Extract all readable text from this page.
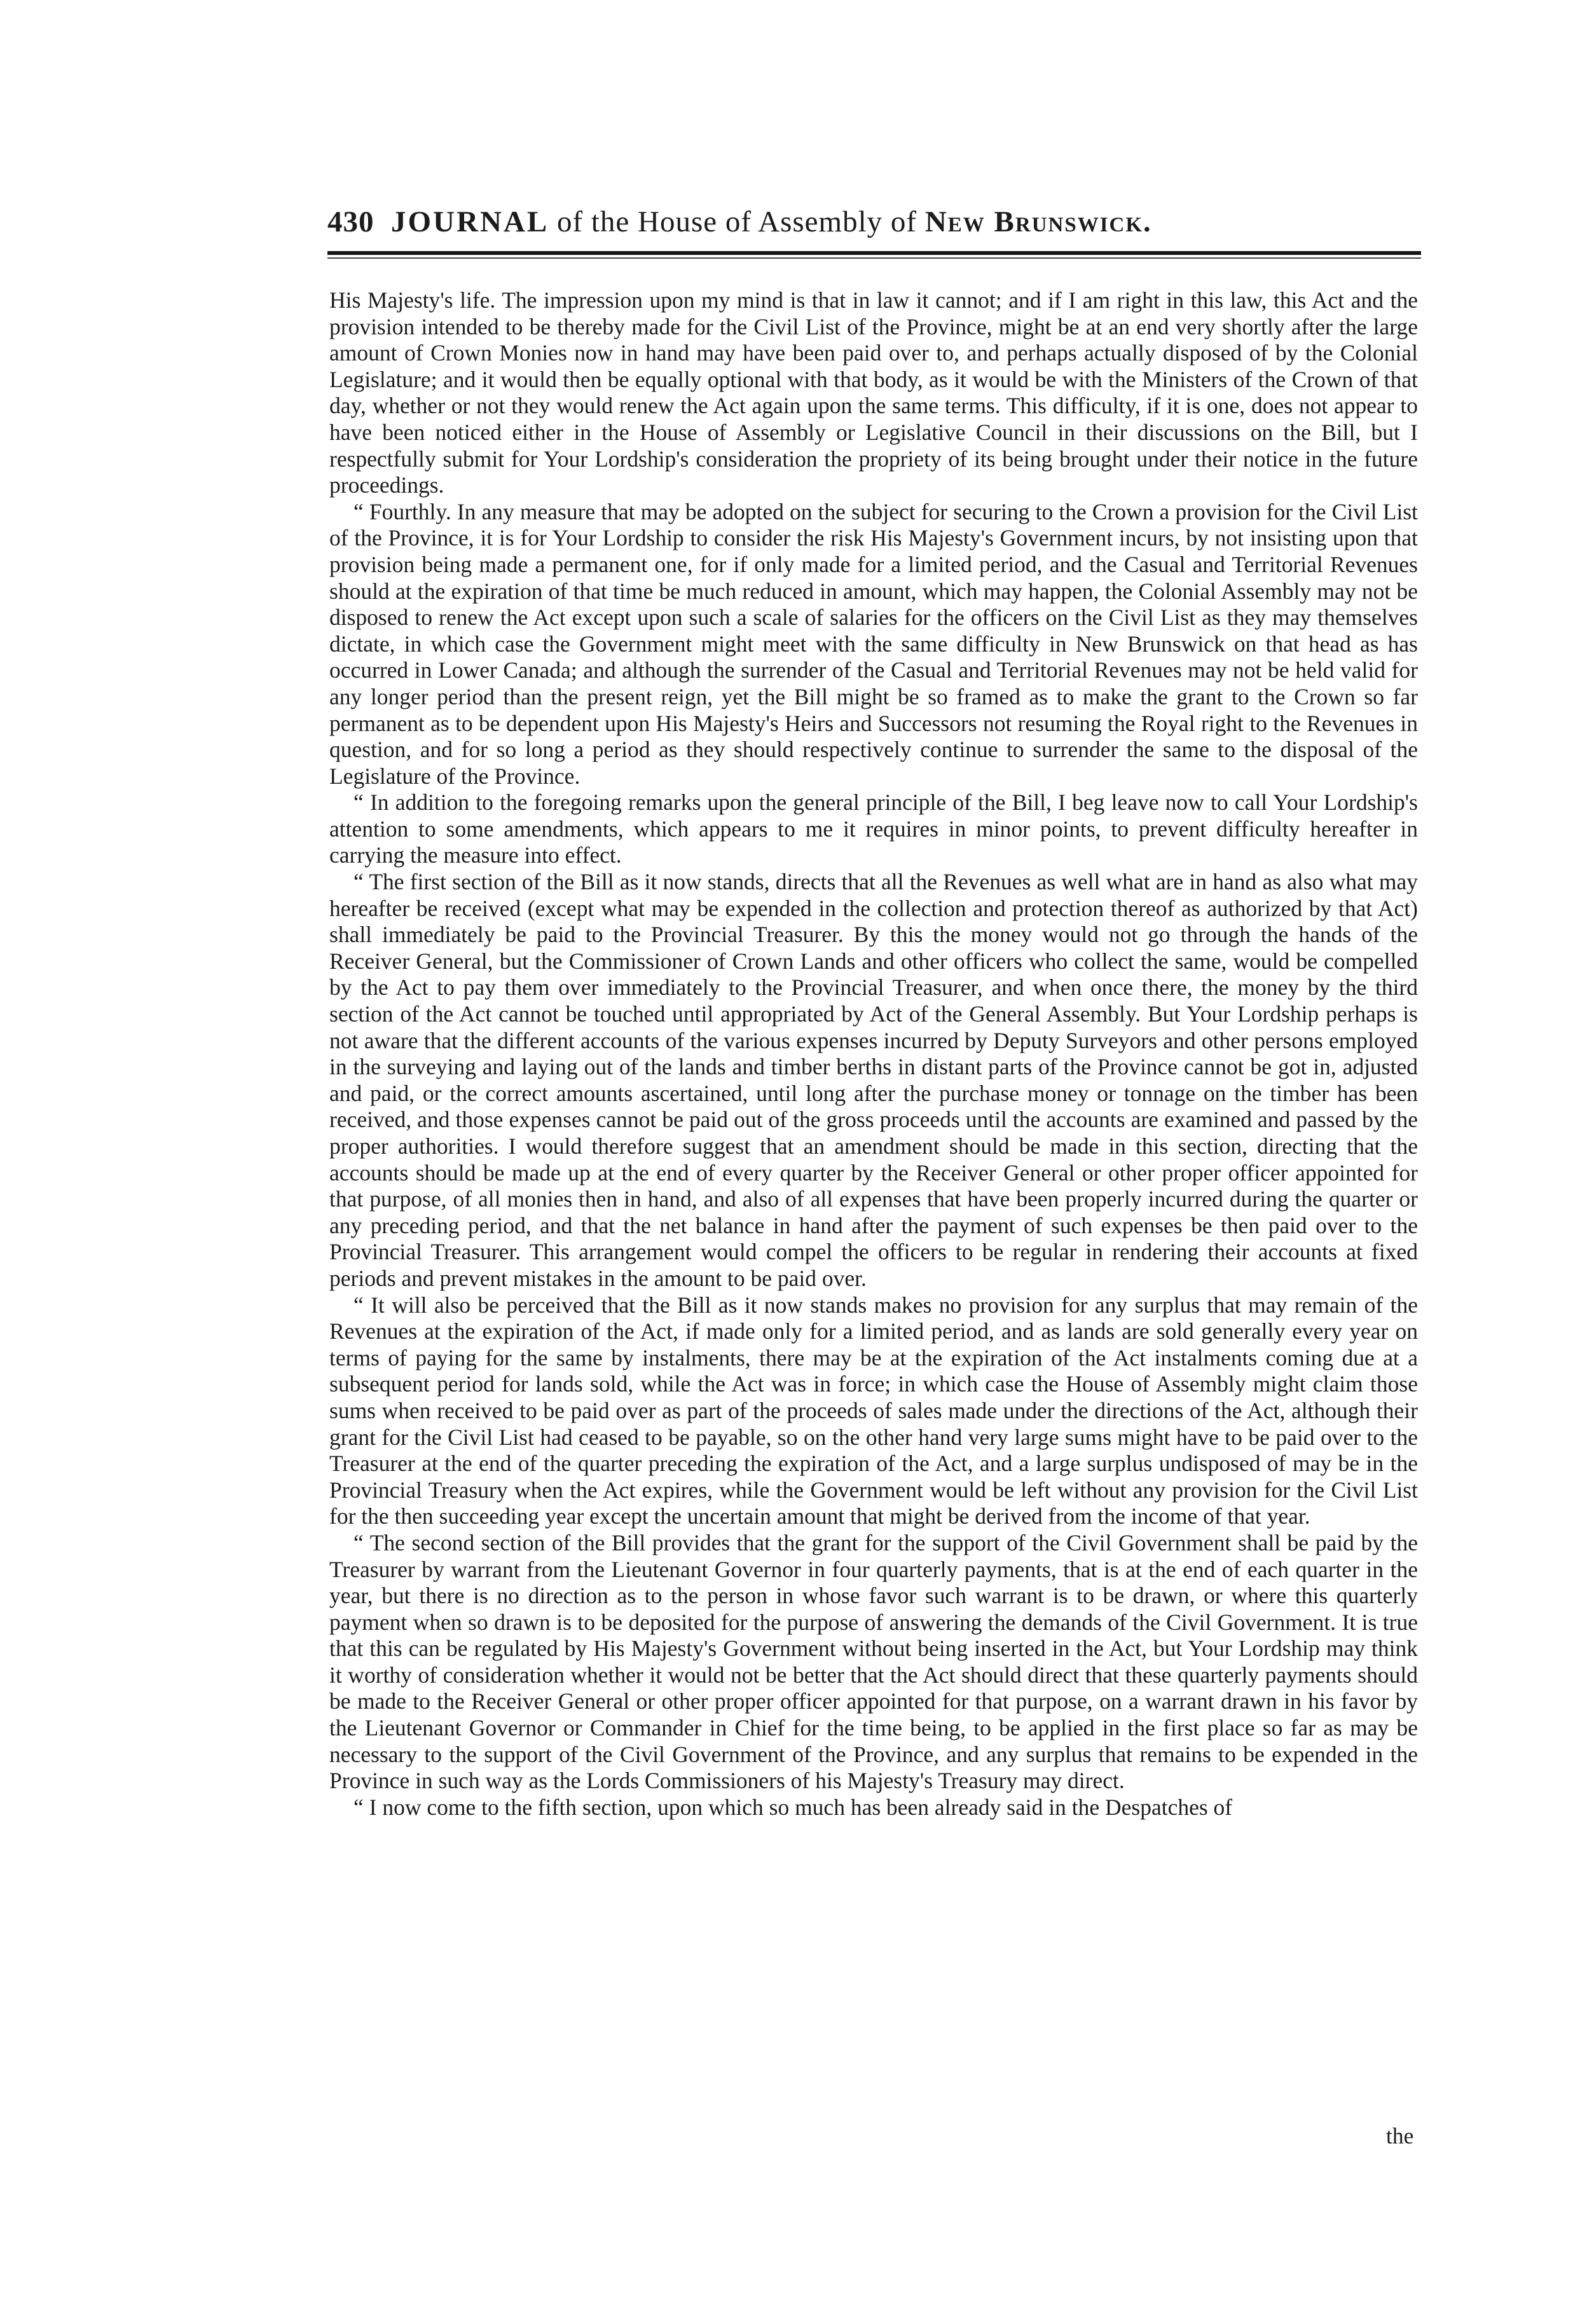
430 JOURNAL of the House of Assembly of New Brunswick.

His Majesty's life. The impression upon my mind is that in law it cannot; and if I am right in this law, this Act and the provision intended to be thereby made for the Civil List of the Province, might be at an end very shortly after the large amount of Crown Monies now in hand may have been paid over to, and perhaps actually disposed of by the Colonial Legislature; and it would then be equally optional with that body, as it would be with the Ministers of the Crown of that day, whether or not they would renew the Act again upon the same terms. This difficulty, if it is one, does not appear to have been noticed either in the House of Assembly or Legislative Council in their discussions on the Bill, but I respectfully submit for Your Lordship's consideration the propriety of its being brought under their notice in the future proceedings.

“ Fourthly. In any measure that may be adopted on the subject for securing to the Crown a provision for the Civil List of the Province, it is for Your Lordship to consider the risk His Majesty's Government incurs, by not insisting upon that provision being made a permanent one, for if only made for a limited period, and the Casual and Territorial Revenues should at the expiration of that time be much reduced in amount, which may happen, the Colonial Assembly may not be disposed to renew the Act except upon such a scale of salaries for the officers on the Civil List as they may themselves dictate, in which case the Government might meet with the same difficulty in New Brunswick on that head as has occurred in Lower Canada; and although the surrender of the Casual and Territorial Revenues may not be held valid for any longer period than the present reign, yet the Bill might be so framed as to make the grant to the Crown so far permanent as to be dependent upon His Majesty's Heirs and Successors not resuming the Royal right to the Revenues in question, and for so long a period as they should respectively continue to surrender the same to the disposal of the Legislature of the Province.

“ In addition to the foregoing remarks upon the general principle of the Bill, I beg leave now to call Your Lordship's attention to some amendments, which appears to me it requires in minor points, to prevent difficulty hereafter in carrying the measure into effect.

“ The first section of the Bill as it now stands, directs that all the Revenues as well what are in hand as also what may hereafter be received (except what may be expended in the collection and protection thereof as authorized by that Act) shall immediately be paid to the Provincial Treasurer. By this the money would not go through the hands of the Receiver General, but the Commissioner of Crown Lands and other officers who collect the same, would be compelled by the Act to pay them over immediately to the Provincial Treasurer, and when once there, the money by the third section of the Act cannot be touched until appropriated by Act of the General Assembly. But Your Lordship perhaps is not aware that the different accounts of the various expenses incurred by Deputy Surveyors and other persons employed in the surveying and laying out of the lands and timber berths in distant parts of the Province cannot be got in, adjusted and paid, or the correct amounts ascertained, until long after the purchase money or tonnage on the timber has been received, and those expenses cannot be paid out of the gross proceeds until the accounts are examined and passed by the proper authorities. I would therefore suggest that an amendment should be made in this section, directing that the accounts should be made up at the end of every quarter by the Receiver General or other proper officer appointed for that purpose, of all monies then in hand, and also of all expenses that have been properly incurred during the quarter or any preceding period, and that the net balance in hand after the payment of such expenses be then paid over to the Provincial Treasurer. This arrangement would compel the officers to be regular in rendering their accounts at fixed periods and prevent mistakes in the amount to be paid over.

“ It will also be perceived that the Bill as it now stands makes no provision for any surplus that may remain of the Revenues at the expiration of the Act, if made only for a limited period, and as lands are sold generally every year on terms of paying for the same by instalments, there may be at the expiration of the Act instalments coming due at a subsequent period for lands sold, while the Act was in force; in which case the House of Assembly might claim those sums when received to be paid over as part of the proceeds of sales made under the directions of the Act, although their grant for the Civil List had ceased to be payable, so on the other hand very large sums might have to be paid over to the Treasurer at the end of the quarter preceding the expiration of the Act, and a large surplus undisposed of may be in the Provincial Treasury when the Act expires, while the Government would be left without any provision for the Civil List for the then succeeding year except the uncertain amount that might be derived from the income of that year.

“ The second section of the Bill provides that the grant for the support of the Civil Government shall be paid by the Treasurer by warrant from the Lieutenant Governor in four quarterly payments, that is at the end of each quarter in the year, but there is no direction as to the person in whose favor such warrant is to be drawn, or where this quarterly payment when so drawn is to be deposited for the purpose of answering the demands of the Civil Government. It is true that this can be regulated by His Majesty's Government without being inserted in the Act, but Your Lordship may think it worthy of consideration whether it would not be better that the Act should direct that these quarterly payments should be made to the Receiver General or other proper officer appointed for that purpose, on a warrant drawn in his favor by the Lieutenant Governor or Commander in Chief for the time being, to be applied in the first place so far as may be necessary to the support of the Civil Government of the Province, and any surplus that remains to be expended in the Province in such way as the Lords Commissioners of his Majesty's Treasury may direct.

“ I now come to the fifth section, upon which so much has been already said in the Despatches of

the
